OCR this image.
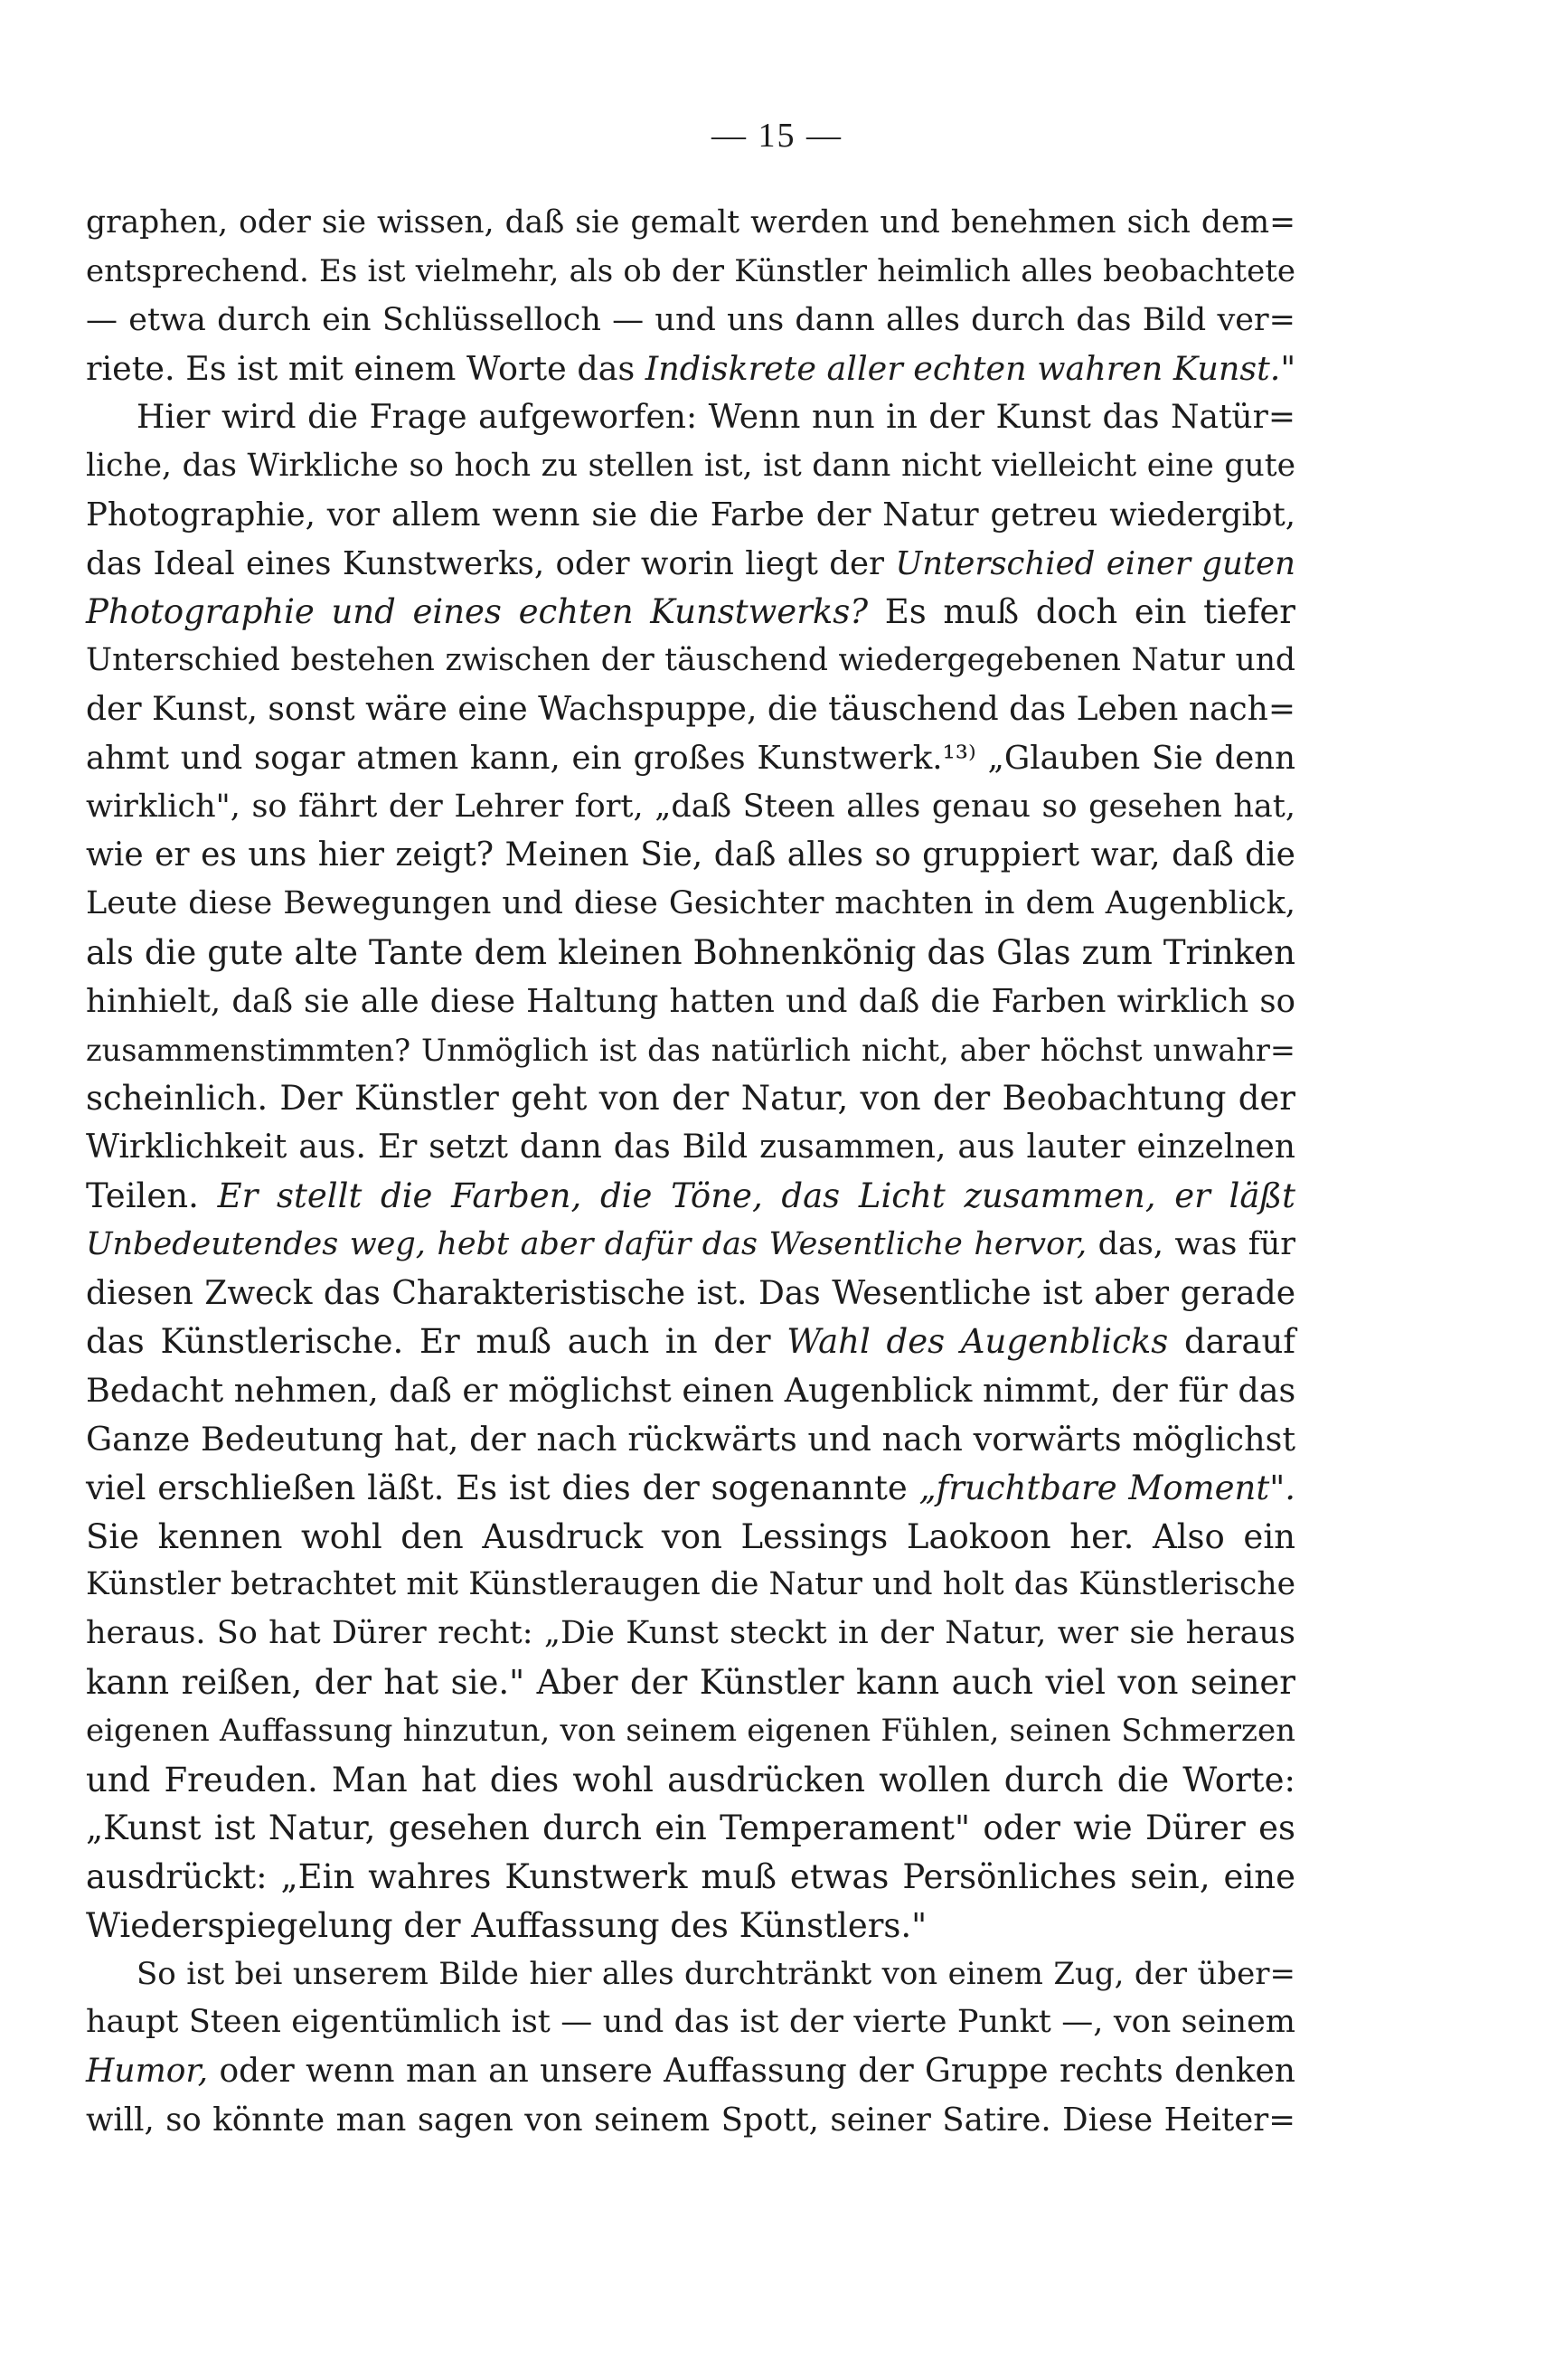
— 15 —
graphen, oder sie wissen, daß sie gemalt werden und benehmen sich dem=
entsprechend. Es ist vielmehr, als ob der Künstler heimlich alles beobachtete
— etwa durch ein Schlüsselloch — und uns dann alles durch das Bild ver=
riete. Es ist mit einem Worte das Indiskrete aller echten wahren Kunst."
Hier wird die Frage aufgeworfen: Wenn nun in der Kunst das Natür=
liche, das Wirkliche so hoch zu stellen ist, ist dann nicht vielleicht eine gute
Photographie, vor allem wenn sie die Farbe der Natur getreu wiedergibt,
das Ideal eines Kunstwerks, oder worin liegt der Unterschied einer guten
Photographie und eines echten Kunstwerks? Es muß doch ein tiefer
Unterschied bestehen zwischen der täuschend wiedergegebenen Natur und
der Kunst, sonst wäre eine Wachspuppe, die täuschend das Leben nach=
ahmt und sogar atmen kann, ein großes Kunstwerk.¹³⁾ „Glauben Sie denn
wirklich", so fährt der Lehrer fort, „daß Steen alles genau so gesehen hat,
wie er es uns hier zeigt? Meinen Sie, daß alles so gruppiert war, daß die
Leute diese Bewegungen und diese Gesichter machten in dem Augenblick,
als die gute alte Tante dem kleinen Bohnenkönig das Glas zum Trinken
hinhielt, daß sie alle diese Haltung hatten und daß die Farben wirklich so
zusammenstimmten? Unmöglich ist das natürlich nicht, aber höchst unwahr=
scheinlich. Der Künstler geht von der Natur, von der Beobachtung der
Wirklichkeit aus. Er setzt dann das Bild zusammen, aus lauter einzelnen
Teilen. Er stellt die Farben, die Töne, das Licht zusammen, er läßt
Unbedeutendes weg, hebt aber dafür das Wesentliche hervor, das, was für
diesen Zweck das Charakteristische ist. Das Wesentliche ist aber gerade
das Künstlerische. Er muß auch in der Wahl des Augenblicks darauf
Bedacht nehmen, daß er möglichst einen Augenblick nimmt, der für das
Ganze Bedeutung hat, der nach rückwärts und nach vorwärts möglichst
viel erschließen läßt. Es ist dies der sogenannte „fruchtbare Moment".
Sie kennen wohl den Ausdruck von Lessings Laokoon her. Also ein
Künstler betrachtet mit Künstleraugen die Natur und holt das Künstlerische
heraus. So hat Dürer recht: „Die Kunst steckt in der Natur, wer sie heraus
kann reißen, der hat sie." Aber der Künstler kann auch viel von seiner
eigenen Auffassung hinzutun, von seinem eigenen Fühlen, seinen Schmerzen
und Freuden. Man hat dies wohl ausdrücken wollen durch die Worte:
„Kunst ist Natur, gesehen durch ein Temperament" oder wie Dürer es
ausdrückt: „Ein wahres Kunstwerk muß etwas Persönliches sein, eine
Wiederspiegelung der Auffassung des Künstlers."
So ist bei unserem Bilde hier alles durchtränkt von einem Zug, der über=
haupt Steen eigentümlich ist — und das ist der vierte Punkt —, von seinem
Humor, oder wenn man an unsere Auffassung der Gruppe rechts denken
will, so könnte man sagen von seinem Spott, seiner Satire. Diese Heiter=
